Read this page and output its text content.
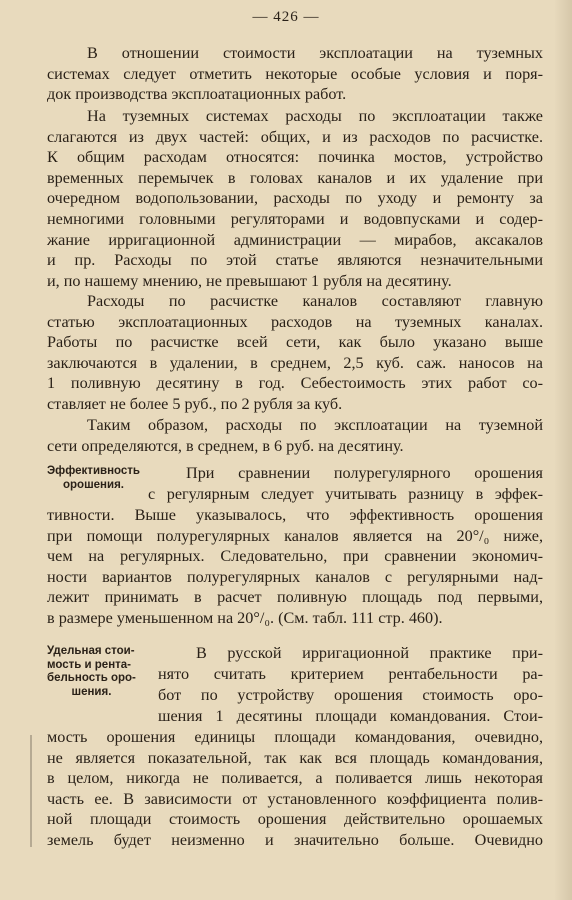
— 426 —
В отношении стоимости эксплоатации на туземных
системах следует отметить некоторые особые условия и поря-
док производства эксплоатационных работ.
На туземных системах расходы по эксплоатации также
слагаются из двух частей: общих, и из расходов по расчистке.
К общим расходам относятся: починка мостов, устройство
временных перемычек в головах каналов и их удаление при
очередном водопользовании, расходы по уходу и ремонту за
немногими головными регуляторами и водовпусками и содер-
жание ирригационной администрации — мирабов, аксакалов
и пр. Расходы по этой статье являются незначительными
и, по нашему мнению, не превышают 1 рубля на десятину.
Расходы по расчистке каналов составляют главную
статью эксплоатационных расходов на туземных каналах.
Работы по расчистке всей сети, как было указано выше
заключаются в удалении, в среднем, 2,5 куб. саж. наносов на
1 поливную десятину в год. Себестоимость этих работ со-
ставляет не более 5 руб., по 2 рубля за куб.
Таким образом, расходы по эксплоатации на туземной
сети определяются, в среднем, в 6 руб. на десятину.
Эффективность
орошения.
При сравнении полурегулярного орошения
с регулярным следует учитывать разницу в эффек-
тивности. Выше указывалось, что эффективность орошения
при помощи полурегулярных каналов является на 20°/₀ ниже,
чем на регулярных. Следовательно, при сравнении экономич-
ности вариантов полурегулярных каналов с регулярными над-
лежит принимать в расчет поливную площадь под первыми,
в размере уменьшенном на 20°/₀. (См. табл. 111 стр. 460).
Удельная стои-
мость и рента-
бельность оро-
шения.
В русской ирригационной практике при-
нято считать критерием рентабельности ра-
бот по устройству орошения стоимость оро-
шения 1 десятины площади командования. Стои-
мость орошения единицы площади командования, очевидно,
не является показательной, так как вся площадь командования,
в целом, никогда не поливается, а поливается лишь некоторая
часть ее. В зависимости от установленного коэффициента полив-
ной площади стоимость орошения действительно орошаемых
земель будет неизменно и значительно больше. Очевидно
